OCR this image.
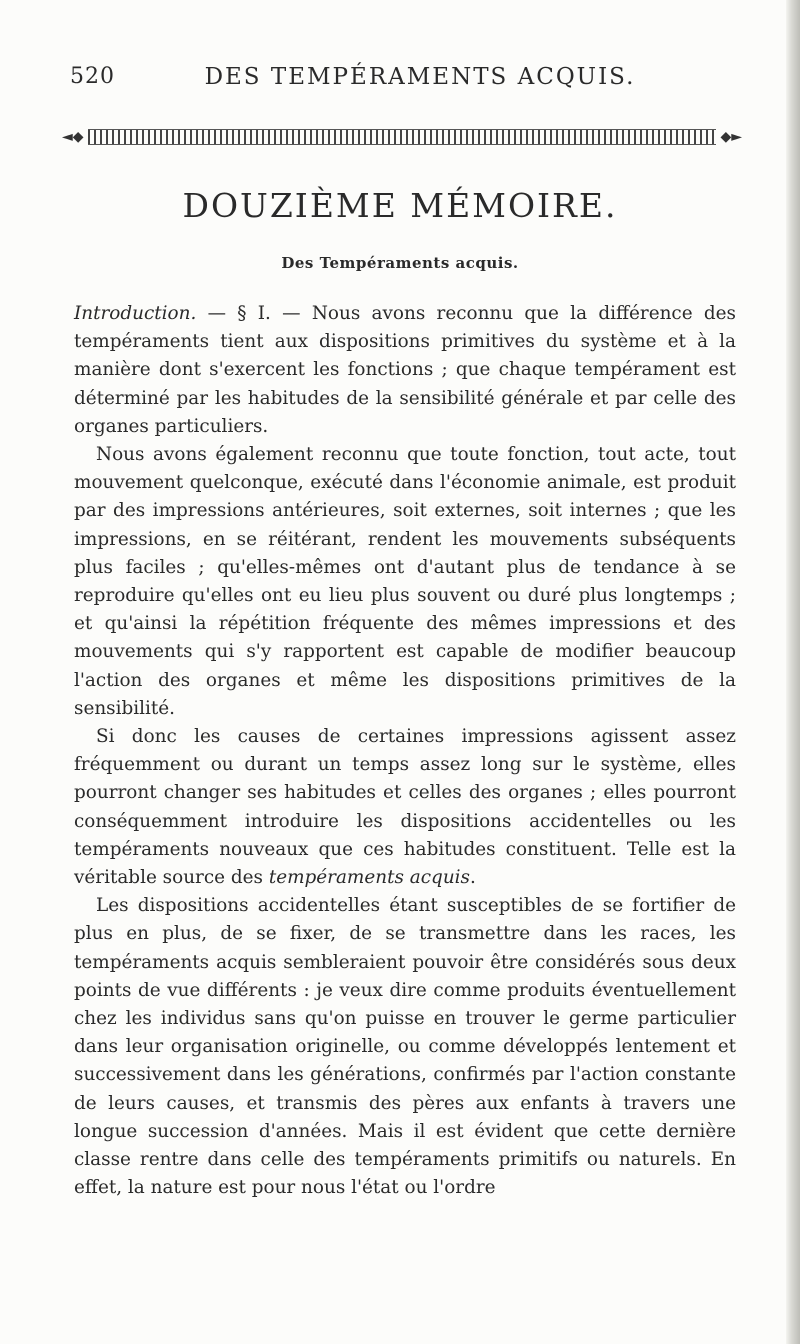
520	DES TEMPÉRAMENTS ACQUIS.
◄◆	◆►
DOUZIÈME MÉMOIRE.
Des Tempéraments acquis.

Introduction. — § I. — Nous avons reconnu que la différence des tempéraments tient aux dispositions primitives du système et à la manière dont s'exercent les fonctions ; que chaque tempérament est déterminé par les habitudes de la sensibilité générale et par celle des organes particuliers.

Nous avons également reconnu que toute fonction, tout acte, tout mouvement quelconque, exécuté dans l'économie animale, est produit par des impressions antérieures, soit externes, soit internes ; que les impressions, en se réitérant, rendent les mouvements subséquents plus faciles ; qu'elles-mêmes ont d'autant plus de tendance à se reproduire qu'elles ont eu lieu plus souvent ou duré plus longtemps ; et qu'ainsi la répétition fréquente des mêmes impressions et des mouvements qui s'y rapportent est capable de modifier beaucoup l'action des organes et même les dispositions primitives de la sensibilité.

Si donc les causes de certaines impressions agissent assez fréquemment ou durant un temps assez long sur le système, elles pourront changer ses habitudes et celles des organes ; elles pourront conséquemment introduire les dispositions accidentelles ou les tempéraments nouveaux que ces habitudes constituent. Telle est la véritable source des tempéraments acquis.

Les dispositions accidentelles étant susceptibles de se fortifier de plus en plus, de se fixer, de se transmettre dans les races, les tempéraments acquis sembleraient pouvoir être considérés sous deux points de vue différents : je veux dire comme produits éventuellement chez les individus sans qu'on puisse en trouver le germe particulier dans leur organisation originelle, ou comme développés lentement et successivement dans les générations, confirmés par l'action constante de leurs causes, et transmis des pères aux enfants à travers une longue succession d'années. Mais il est évident que cette dernière classe rentre dans celle des tempéraments primitifs ou naturels. En effet, la nature est pour nous l'état ou l'ordre
